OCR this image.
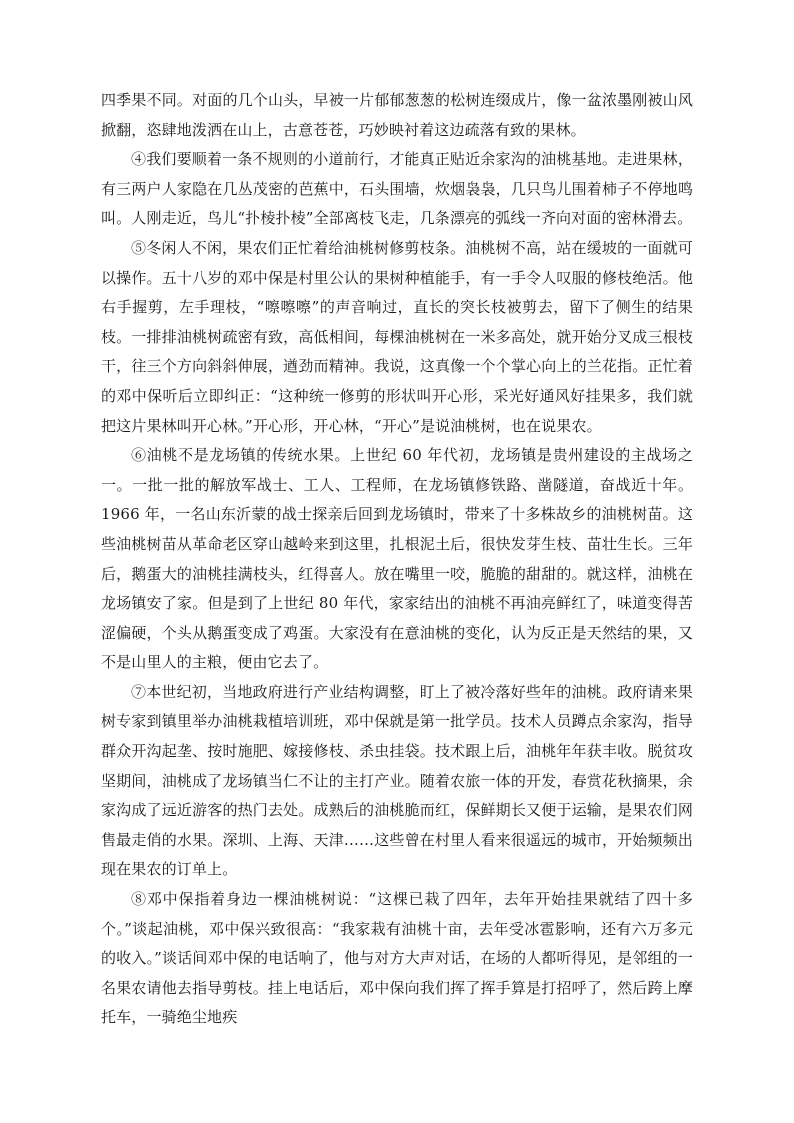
四季果不同。对面的几个山头，早被一片郁郁葱葱的松树连缀成片，像一盆浓墨刚被山风掀翻，恣肆地泼洒在山上，古意苍苍，巧妙映衬着这边疏落有致的果林。

④我们要顺着一条不规则的小道前行，才能真正贴近余家沟的油桃基地。走进果林，有三两户人家隐在几丛茂密的芭蕉中，石头围墙，炊烟袅袅，几只鸟儿围着柿子不停地鸣叫。人刚走近，鸟儿“扑棱扑棱”全部离枝飞走，几条漂亮的弧线一齐向对面的密林滑去。

⑤冬闲人不闲，果农们正忙着给油桃树修剪枝条。油桃树不高，站在缓坡的一面就可以操作。五十八岁的邓中保是村里公认的果树种植能手，有一手令人叹服的修枝绝活。他右手握剪，左手理枝，“嚓嚓嚓”的声音响过，直长的突长枝被剪去，留下了侧生的结果枝。一排排油桃树疏密有致，高低相间，每棵油桃树在一米多高处，就开始分叉成三根枝干，往三个方向斜斜伸展，遒劲而精神。我说，这真像一个个掌心向上的兰花指。正忙着的邓中保听后立即纠正：“这种统一修剪的形状叫开心形，采光好通风好挂果多，我们就把这片果林叫开心林。”开心形，开心林，“开心”是说油桃树，也在说果农。

⑥油桃不是龙场镇的传统水果。上世纪 60 年代初，龙场镇是贵州建设的主战场之一。一批一批的解放军战士、工人、工程师，在龙场镇修铁路、凿隧道，奋战近十年。1966 年，一名山东沂蒙的战士探亲后回到龙场镇时，带来了十多株故乡的油桃树苗。这些油桃树苗从革命老区穿山越岭来到这里，扎根泥土后，很快发芽生枝、苗壮生长。三年后，鹅蛋大的油桃挂满枝头，红得喜人。放在嘴里一咬，脆脆的甜甜的。就这样，油桃在龙场镇安了家。但是到了上世纪 80 年代，家家结出的油桃不再油亮鲜红了，味道变得苦涩偏硬，个头从鹅蛋变成了鸡蛋。大家没有在意油桃的变化，认为反正是天然结的果，又不是山里人的主粮，便由它去了。

⑦本世纪初，当地政府进行产业结构调整，盯上了被冷落好些年的油桃。政府请来果树专家到镇里举办油桃栽植培训班，邓中保就是第一批学员。技术人员蹲点余家沟，指导群众开沟起垄、按时施肥、嫁接修枝、杀虫挂袋。技术跟上后，油桃年年获丰收。脱贫攻坚期间，油桃成了龙场镇当仁不让的主打产业。随着农旅一体的开发，春赏花秋摘果，余家沟成了远近游客的热门去处。成熟后的油桃脆而红，保鲜期长又便于运输，是果农们网售最走俏的水果。深圳、上海、天津……这些曾在村里人看来很遥远的城市，开始频频出现在果农的订单上。

⑧邓中保指着身边一棵油桃树说：“这棵已栽了四年，去年开始挂果就结了四十多个。”谈起油桃，邓中保兴致很高：“我家栽有油桃十亩，去年受冰雹影响，还有六万多元的收入。”谈话间邓中保的电话响了，他与对方大声对话，在场的人都听得见，是邻组的一名果农请他去指导剪枝。挂上电话后，邓中保向我们挥了挥手算是打招呼了，然后跨上摩托车，一骑绝尘地疾
